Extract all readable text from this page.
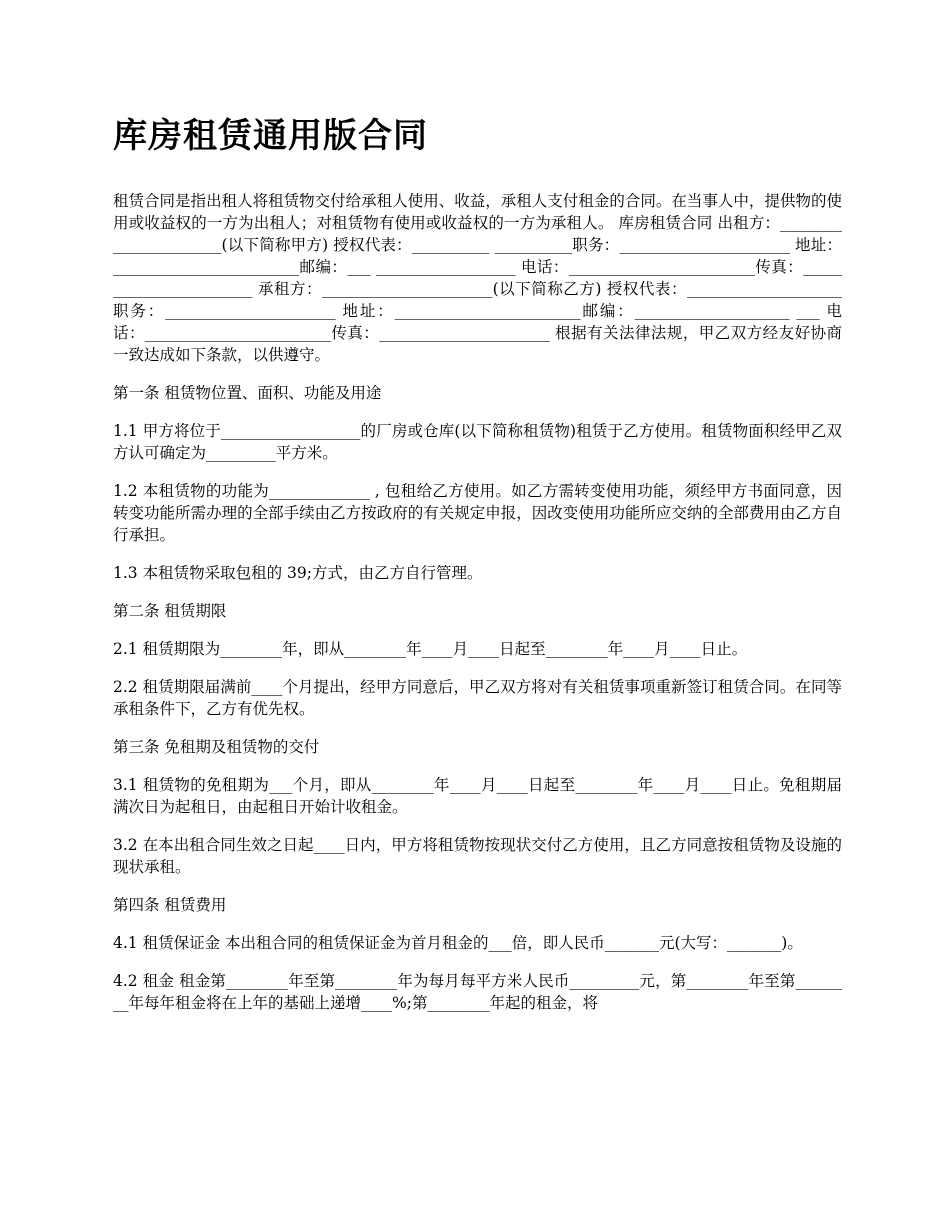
库房租赁通用版合同

租赁合同是指出租人将租赁物交付给承租人使用、收益，承租人支付租金的合同。在当事人中，提供物的使用或收益权的一方为出租人；对租赁物有使用或收益权的一方为承租人。 库房租赁合同 出租方：______________________(以下简称甲方) 授权代表：__________ __________职务：______________________ 地址：________________________邮编：___ __________________ 电话：________________________传真：_______________________ 承租方：______________________(以下简称乙方) 授权代表：____________________职务：______________________ 地址：________________________邮编：____________________ ___ 电话：________________________传真：______________________ 根据有关法律法规，甲乙双方经友好协商一致达成如下条款，以供遵守。

第一条 租赁物位置、面积、功能及用途

1.1 甲方将位于__________________的厂房或仓库(以下简称租赁物)租赁于乙方使用。租赁物面积经甲乙双方认可确定为_________平方米。

1.2 本租赁物的功能为_____________ , 包租给乙方使用。如乙方需转变使用功能，须经甲方书面同意，因转变功能所需办理的全部手续由乙方按政府的有关规定申报，因改变使用功能所应交纳的全部费用由乙方自行承担。

1.3 本租赁物采取包租的 39;方式，由乙方自行管理。

第二条 租赁期限

2.1 租赁期限为________年，即从________年____月____日起至________年____月____日止。

2.2 租赁期限届满前____个月提出，经甲方同意后，甲乙双方将对有关租赁事项重新签订租赁合同。在同等承租条件下，乙方有优先权。

第三条 免租期及租赁物的交付

3.1 租赁物的免租期为___个月，即从________年____月____日起至________年____月____日止。免租期届满次日为起租日，由起租日开始计收租金。

3.2 在本出租合同生效之日起____日内，甲方将租赁物按现状交付乙方使用，且乙方同意按租赁物及设施的现状承租。

第四条 租赁费用

4.1 租赁保证金 本出租合同的租赁保证金为首月租金的___倍，即人民币_______元(大写：_______)。

4.2 租金 租金第________年至第________年为每月每平方米人民币_________元，第________年至第________年每年租金将在上年的基础上递增____%;第________年起的租金，将
